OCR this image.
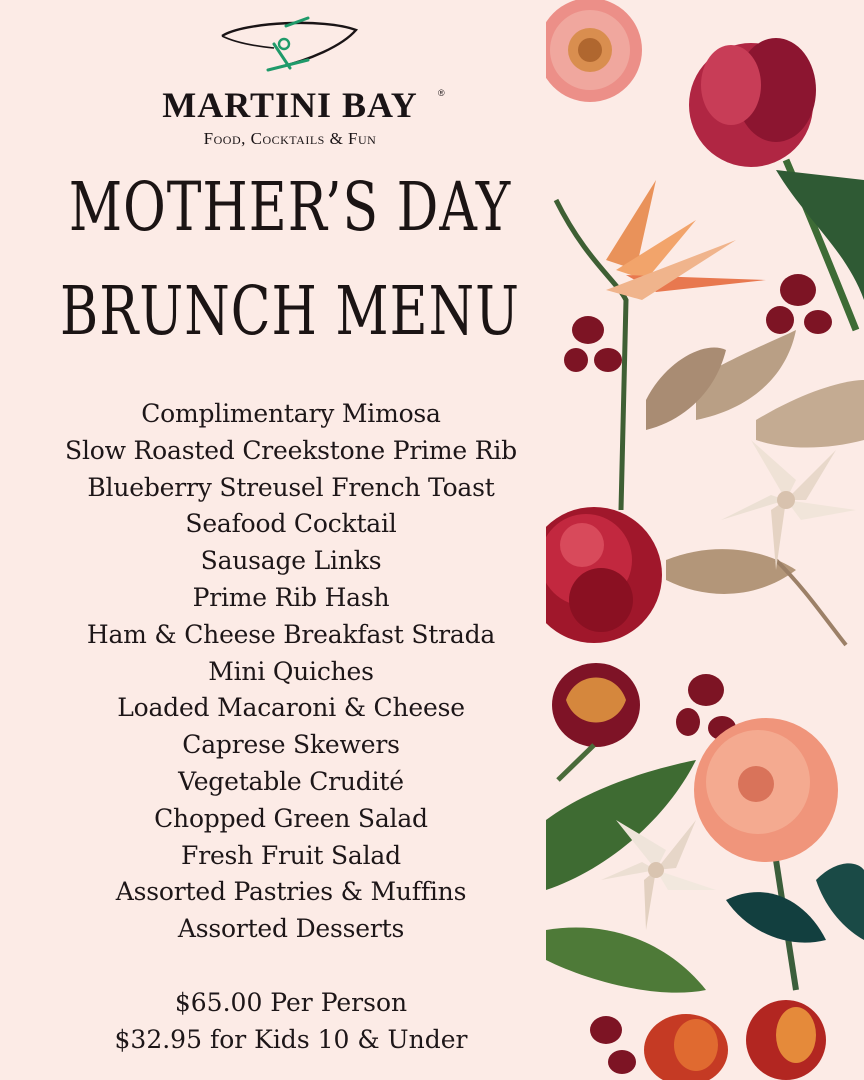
MARTINI BAY	®
Food, Cocktails & Fun
MOTHER’S DAY
BRUNCH MENU
Complimentary Mimosa
Slow Roasted Creekstone Prime Rib
Blueberry Streusel French Toast
Seafood Cocktail
Sausage Links
Prime Rib Hash
Ham & Cheese Breakfast Strada
Mini Quiches
Loaded Macaroni & Cheese
Caprese Skewers
Vegetable Crudité
Chopped Green Salad
Fresh Fruit Salad
Assorted Pastries & Muffins
Assorted Desserts
$65.00 Per Person
$32.95 for Kids 10 & Under
